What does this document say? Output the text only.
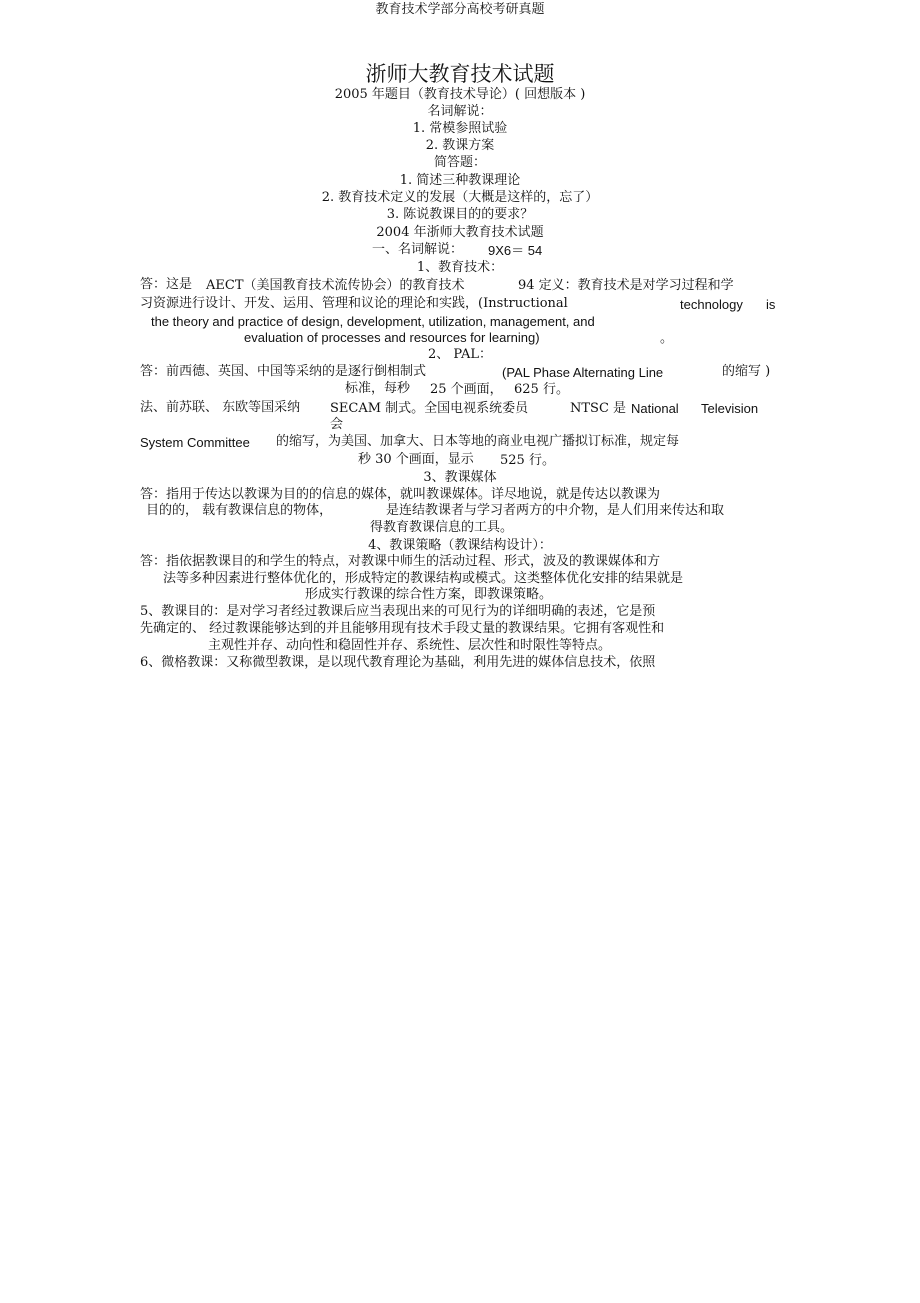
教育技术学部分高校考研真题
浙师大教育技术试题
2005 年题目（教育技术导论）( 回想版本 )
名词解说：
1. 常模参照试验
2. 教课方案
简答题：
1. 简述三种教课理论
2. 教育技术定义的发展（大概是这样的，忘了）
3. 陈说教课目的的要求？
2004 年浙师大教育技术试题
一、名词解说： 9X6＝ 54
1、教育技术：
答：这是 AECT（美国教育技术流传协会）的教育技术	94 定义：教育技术是对学习过程和学
习资源进行设计、开发、运用、管理和议论的理论和实践，(Instructional	technology is
the theory and practice of design, development, utilization, management, and
evaluation of processes and resources for learning)	。
2、 PAL：
答：前西德、英国、中国等采纳的是逐行倒相制式	(PAL Phase Alternating Line	的缩写 )
标准，每秒 25 个画面， 625 行。
法、前苏联、 东欧等国采纳 SECAM 制式。全国电视系统委员
会
NTSC 是 National Television
System Committee 的缩写，为美国、加拿大、日本等地的商业电视广播拟订标准，规定每
秒 30 个画面，显示 525 行。
3、教课媒体
答：指用于传达以教课为目的的信息的媒体，就叫教课媒体。详尽地说，就是传达以教课为
目的的， 载有教课信息的物体，	是连结教课者与学习者两方的中介物，是人们用来传达和取
得教育教课信息的工具。
4、教课策略（教课结构设计）：
答：指依据教课目的和学生的特点，对教课中师生的活动过程、形式，波及的教课媒体和方
法等多种因素进行整体优化的，形成特定的教课结构或模式。这类整体优化安排的结果就是
形成实行教课的综合性方案，即教课策略。
5、教课目的：是对学习者经过教课后应当表现出来的可见行为的详细明确的表述，它是预
先确定的、 经过教课能够达到的并且能够用现有技术手段丈量的教课结果。它拥有客观性和
主观性并存、动向性和稳固性并存、系统性、层次性和时限性等特点。
6、微格教课：又称微型教课，是以现代教育理论为基础，利用先进的媒体信息技术，依照
